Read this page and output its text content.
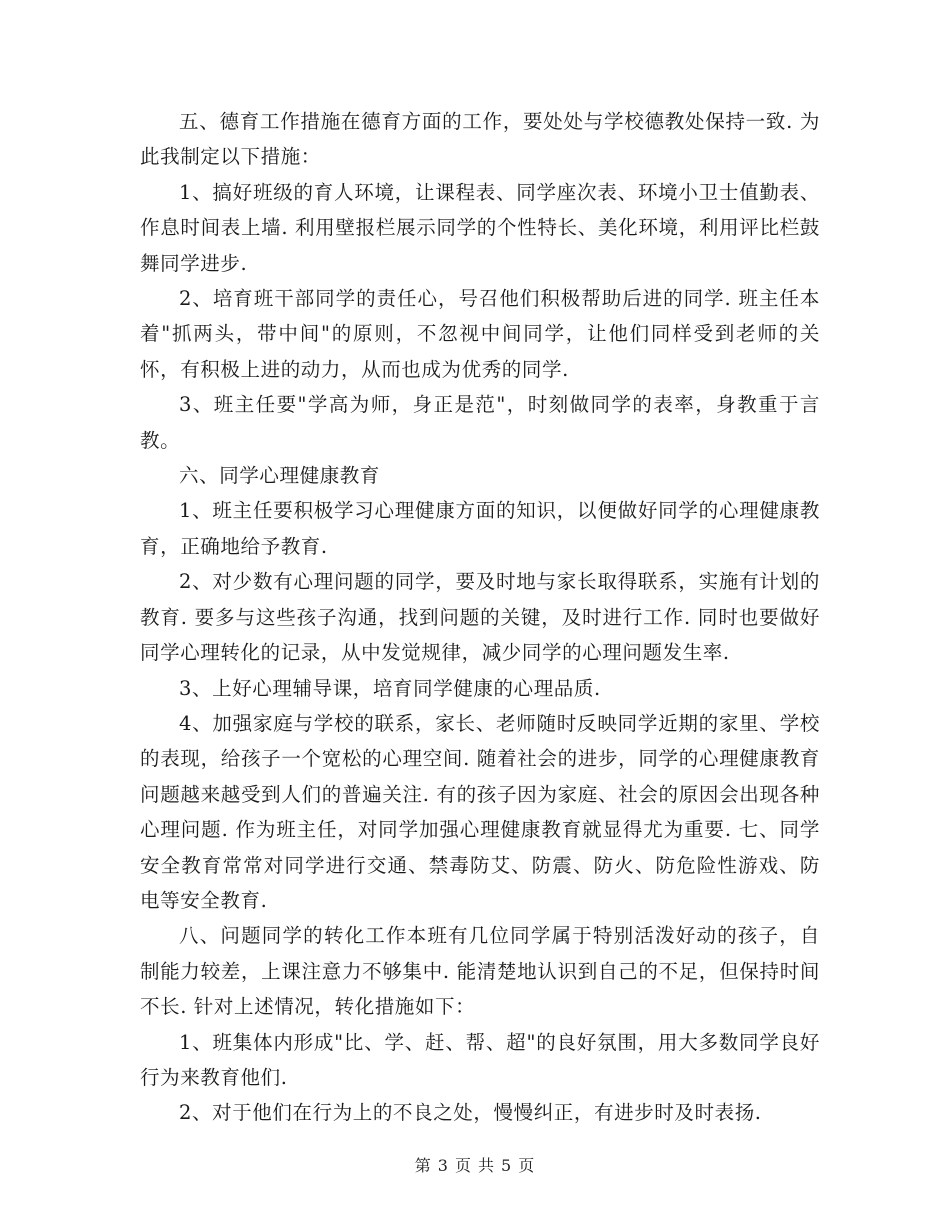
五、德育工作措施在德育方面的工作，要处处与学校德教处保持一致. 为此我制定以下措施：

1、搞好班级的育人环境，让课程表、同学座次表、环境小卫士值勤表、作息时间表上墙. 利用壁报栏展示同学的个性特长、美化环境，利用评比栏鼓舞同学进步.

2、培育班干部同学的责任心，号召他们积极帮助后进的同学. 班主任本着"抓两头，带中间"的原则，不忽视中间同学，让他们同样受到老师的关怀，有积极上进的动力，从而也成为优秀的同学.

3、班主任要"学高为师，身正是范"，时刻做同学的表率，身教重于言教。

六、同学心理健康教育

1、班主任要积极学习心理健康方面的知识，以便做好同学的心理健康教育，正确地给予教育.

2、对少数有心理问题的同学，要及时地与家长取得联系，实施有计划的教育. 要多与这些孩子沟通，找到问题的关键，及时进行工作. 同时也要做好同学心理转化的记录，从中发觉规律，减少同学的心理问题发生率.

3、上好心理辅导课，培育同学健康的心理品质.

4、加强家庭与学校的联系，家长、老师随时反映同学近期的家里、学校的表现，给孩子一个宽松的心理空间. 随着社会的进步，同学的心理健康教育问题越来越受到人们的普遍关注. 有的孩子因为家庭、社会的原因会出现各种心理问题. 作为班主任，对同学加强心理健康教育就显得尤为重要. 七、同学安全教育常常对同学进行交通、禁毒防艾、防震、防火、防危险性游戏、防电等安全教育.

八、问题同学的转化工作本班有几位同学属于特别活泼好动的孩子，自制能力较差，上课注意力不够集中. 能清楚地认识到自己的不足，但保持时间不长. 针对上述情况，转化措施如下：

1、班集体内形成"比、学、赶、帮、超"的良好氛围，用大多数同学良好行为来教育他们.

2、对于他们在行为上的不良之处，慢慢纠正，有进步时及时表扬.

第 3 页 共 5 页
